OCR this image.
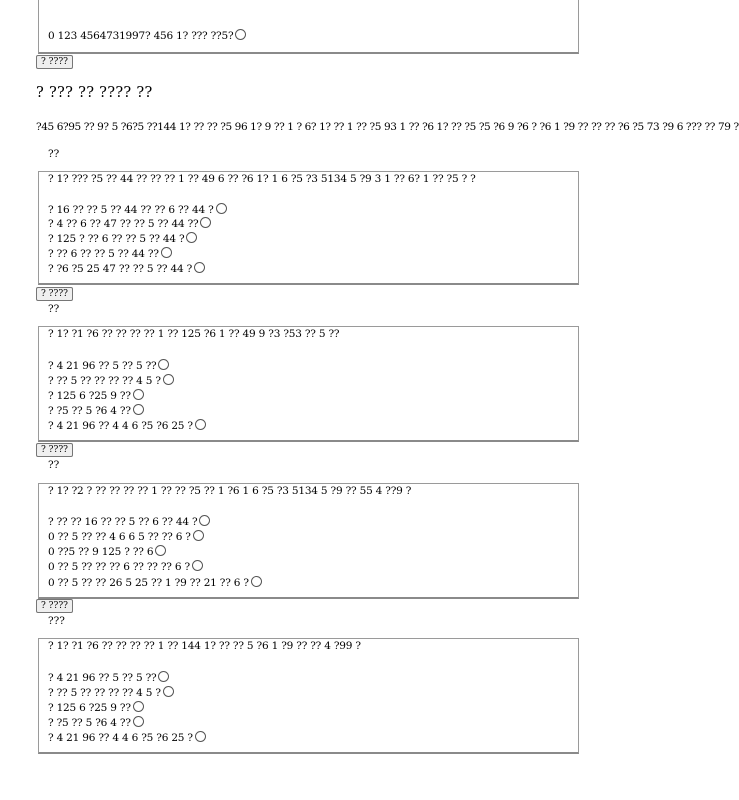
0 123 4564731997? 456 1? ??? ??5?
? ????
? ??? ?? ???? ??
?45 6?95 ?? 9? 5 ?6?5 ??144 1? ?? ?? ?5 96 1? 9 ?? 1 ? 6? 1? ?? 1 ?? ?5 93 1 ?? ?6 1? ?? ?5 ?5 ?6 9 ?6 ? ?6 1 ?9 ?? ?? ?? ?6 ?5 73 ?9 6 ??? ?? 79 ?
??
? 1? ??? ?5 ?? 44 ?? ?? ?? 1 ?? 49 6 ?? ?6 1? 1 6 ?5 ?3 5134 5 ?9 3 1 ?? 6? 1 ?? ?5 ? ?
? 16 ?? ?? 5 ?? 44 ?? ?? 6 ?? 44 ?
? 4 ?? 6 ?? 47 ?? ?? 5 ?? 44 ??
? 125 ? ?? 6 ?? ?? 5 ?? 44 ?
? ?? 6 ?? ?? 5 ?? 44 ??
? ?6 ?5 25 47 ?? ?? 5 ?? 44 ?
? ????
??
? 1? ?1 ?6 ?? ?? ?? ?? 1 ?? 125 ?6 1 ?? 49 9 ?3 ?53 ?? 5 ??
? 4 21 96 ?? 5 ?? 5 ??
? ?? 5 ?? ?? ?? ?? 4 5 ?
? 125 6 ?25 9 ??
? ?5 ?? 5 ?6 4 ??
? 4 21 96 ?? 4 4 6 ?5 ?6 25 ?
? ????
??
? 1? ?2 ? ?? ?? ?? ?? 1 ?? ?? ?5 ?? 1 ?6 1 6 ?5 ?3 5134 5 ?9 ?? 55 4 ??9 ?
? ?? ?? 16 ?? ?? 5 ?? 6 ?? 44 ?
0 ?? 5 ?? ?? 4 6 6 5 ?? ?? 6 ?
0 ??5 ?? 9 125 ? ?? 6
0 ?? 5 ?? ?? ?? 6 ?? ?? ?? 6 ?
0 ?? 5 ?? ?? 26 5 25 ?? 1 ?9 ?? 21 ?? 6 ?
? ????
???
? 1? ?1 ?6 ?? ?? ?? ?? 1 ?? 144 1? ?? ?? 5 ?6 1 ?9 ?? ?? 4 ?99 ?
? 4 21 96 ?? 5 ?? 5 ??
? ?? 5 ?? ?? ?? ?? 4 5 ?
? 125 6 ?25 9 ??
? ?5 ?? 5 ?6 4 ??
? 4 21 96 ?? 4 4 6 ?5 ?6 25 ?
